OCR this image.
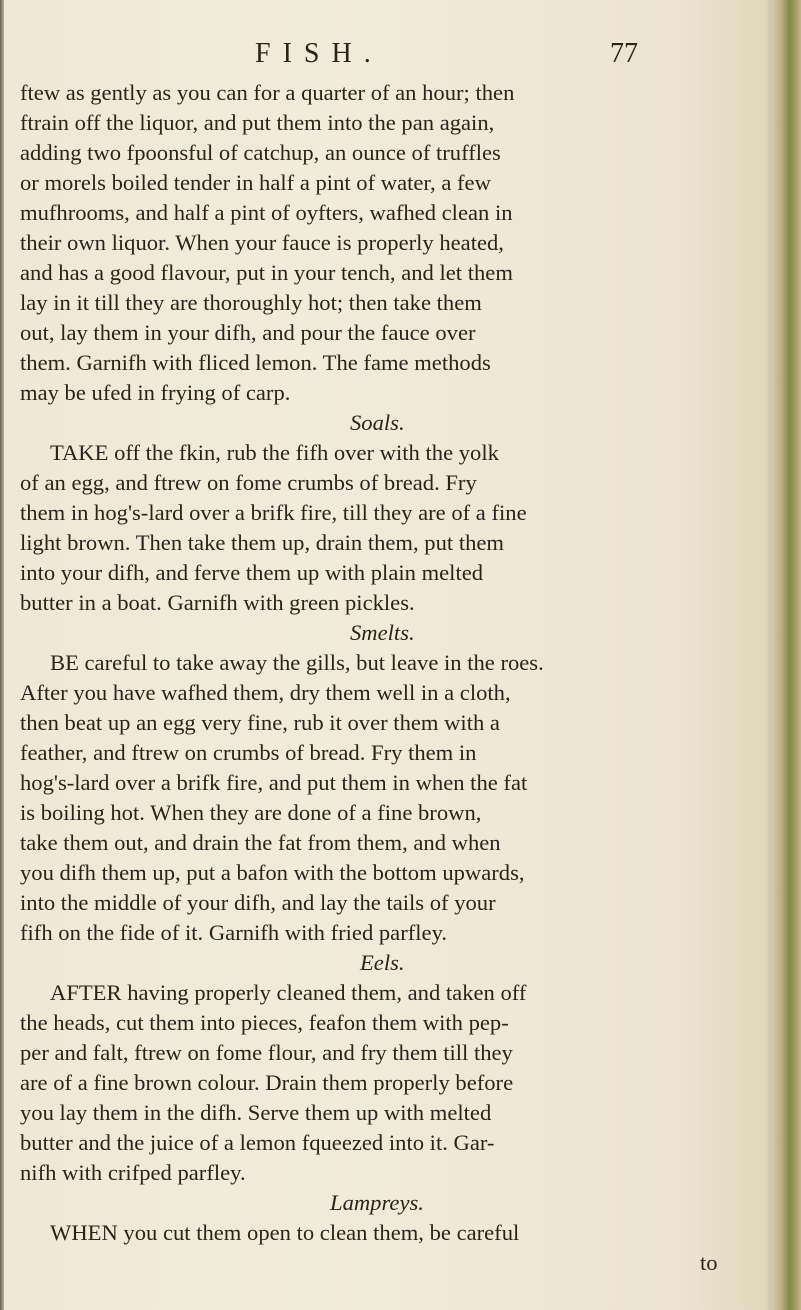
FISH.	77

ftew as gently as you can for a quarter of an hour; then

ftrain off the liquor, and put them into the pan again,

adding two fpoonsful of catchup, an ounce of truffles

or morels boiled tender in half a pint of water, a few

mufhrooms, and half a pint of oyfters, wafhed clean in

their own liquor. When your fauce is properly heated,

and has a good flavour, put in your tench, and let them

lay in it till they are thoroughly hot; then take them

out, lay them in your difh, and pour the fauce over

them. Garnifh with fliced lemon. The fame methods

may be ufed in frying of carp.

Soals.

TAKE off the fkin, rub the fifh over with the yolk

of an egg, and ftrew on fome crumbs of bread. Fry

them in hog's-lard over a brifk fire, till they are of a fine

light brown. Then take them up, drain them, put them

into your difh, and ferve them up with plain melted

butter in a boat. Garnifh with green pickles.

Smelts.

BE careful to take away the gills, but leave in the roes.

After you have wafhed them, dry them well in a cloth,

then beat up an egg very fine, rub it over them with a

feather, and ftrew on crumbs of bread. Fry them in

hog's-lard over a brifk fire, and put them in when the fat

is boiling hot. When they are done of a fine brown,

take them out, and drain the fat from them, and when

you difh them up, put a bafon with the bottom upwards,

into the middle of your difh, and lay the tails of your

fifh on the fide of it. Garnifh with fried parfley.

Eels.

AFTER having properly cleaned them, and taken off

the heads, cut them into pieces, feafon them with pep-

per and falt, ftrew on fome flour, and fry them till they

are of a fine brown colour. Drain them properly before

you lay them in the difh. Serve them up with melted

butter and the juice of a lemon fqueezed into it. Gar-

nifh with crifped parfley.

Lampreys.

WHEN you cut them open to clean them, be careful

to
